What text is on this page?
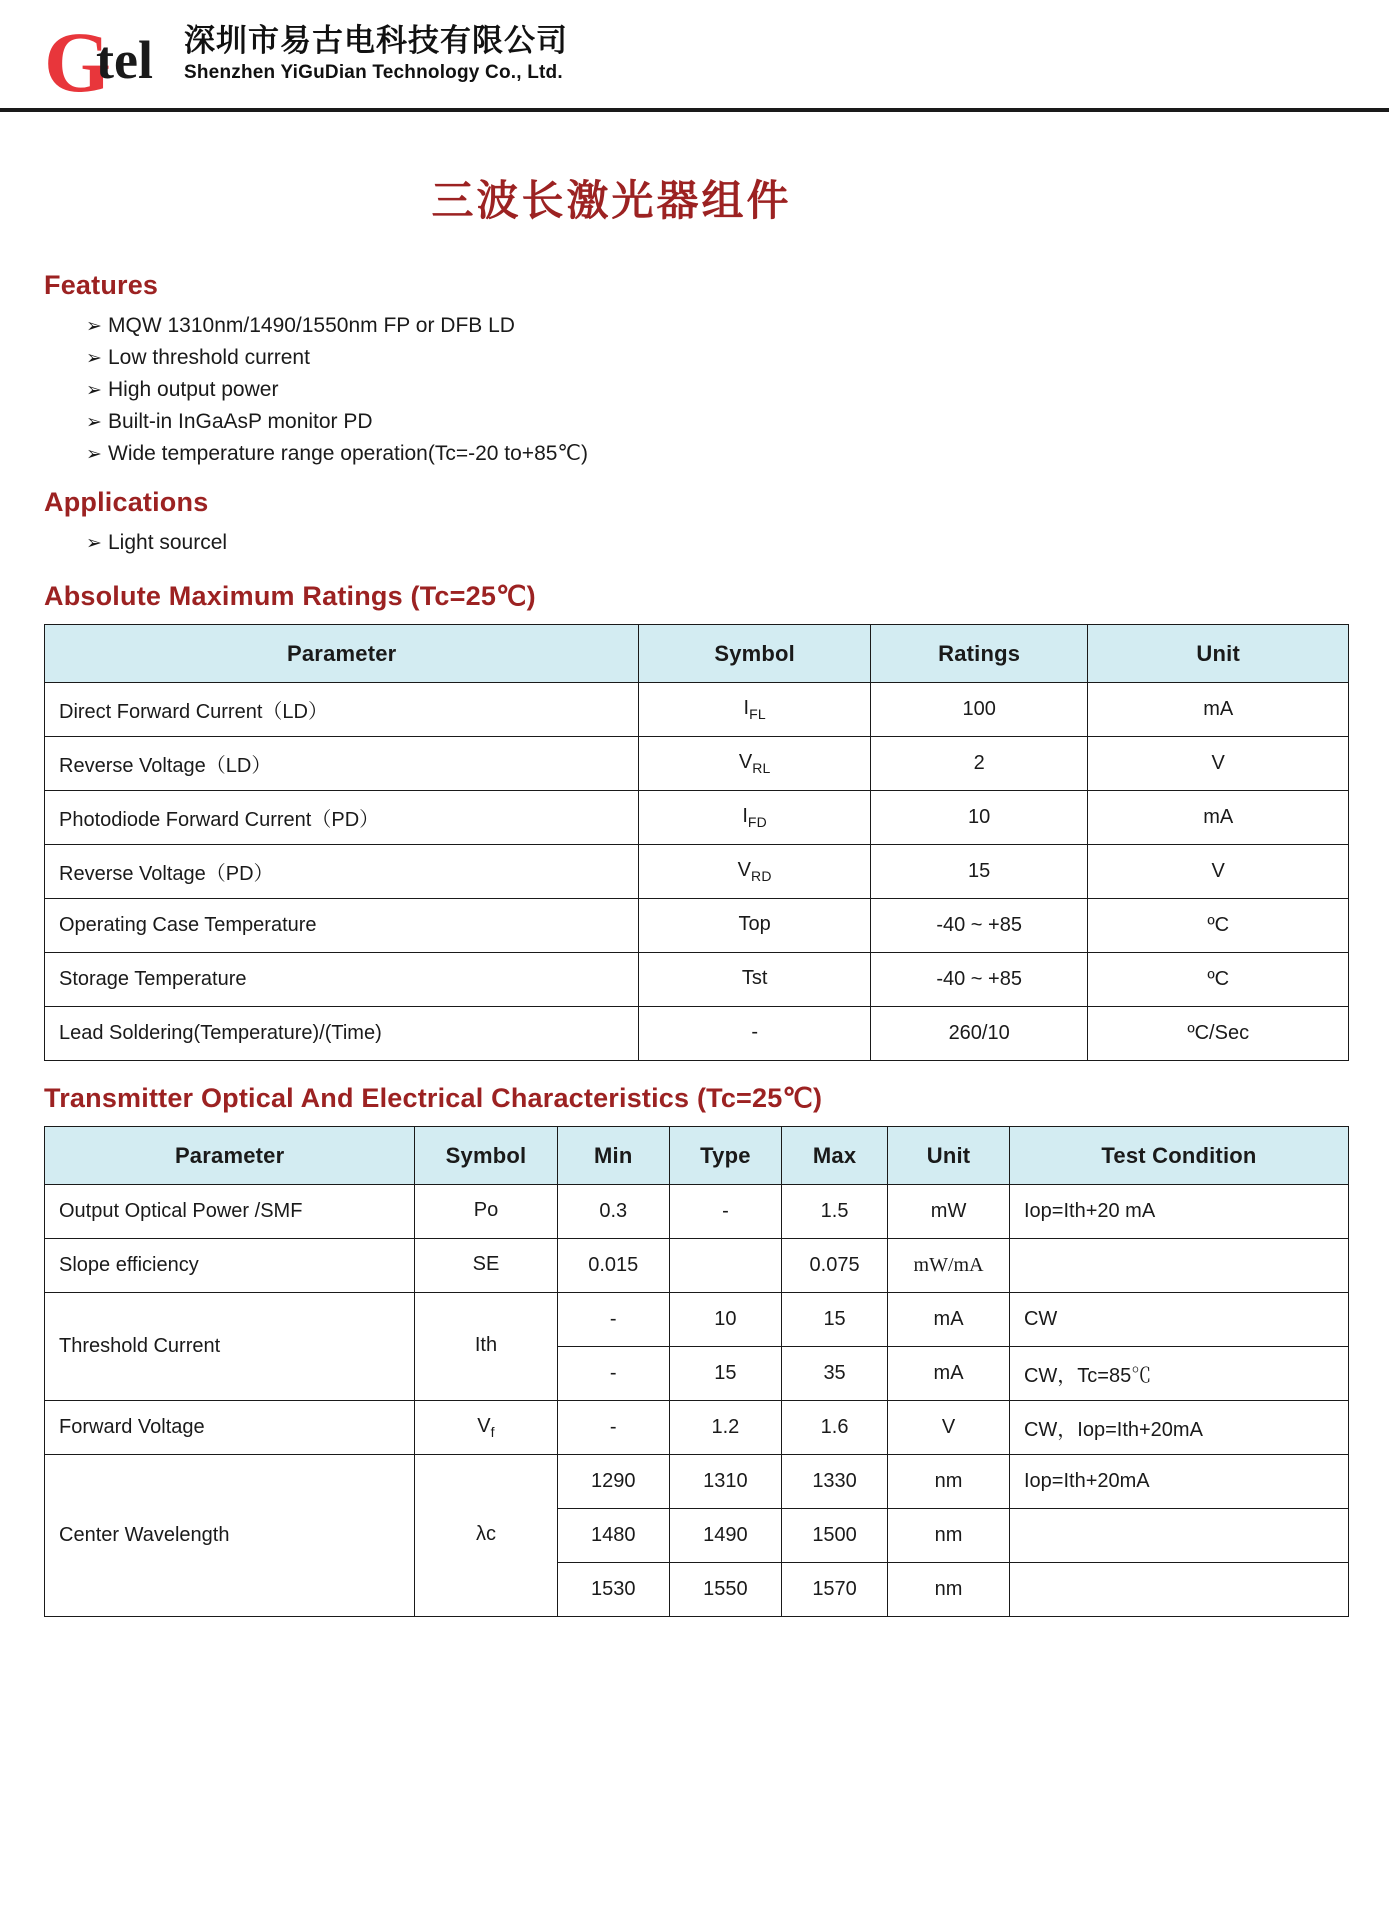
G
tel 深圳市易古电科技有限公司
Shenzhen YiGuDian Technology Co., Ltd.
三波长激光器组件
Features
➢ MQW 1310nm/1490/1550nm FP or DFB LD
➢ Low threshold current
➢ High output power
➢ Built-in InGaAsP monitor PD
➢ Wide temperature range operation(Tc=-20 to+85℃)
Applications
➢ Light sourcel
Absolute Maximum Ratings (Tc=25℃)
Parameter	Symbol	Ratings	Unit
Direct Forward Current（LD）	$I_{FL}$	100	mA
Reverse Voltage（LD）	$V_{RL}$	2	V
Photodiode Forward Current（PD）	$I_{FD}$	10	mA
Reverse Voltage（PD）	$V_{RD}$	15	V
Operating Case Temperature	Top	-40 ~ +85	ºC
Storage Temperature	Tst	-40 ~ +85	ºC
Lead Soldering(Temperature)/(Time)	-	260/10	ºC/Sec
Transmitter Optical And Electrical Characteristics (Tc=25℃)
Parameter	Symbol	Min	Type	Max	Unit	Test Condition
Output Optical Power /SMF	Po	0.3	-	1.5	mW	Iop=Ith+20 mA
Slope efficiency	SE	0.015		0.075	mW/mA	
Threshold Current	Ith	-	10	15	mA	CW
		-	15	35	mA	CW，Tc=85℃
Forward Voltage	$V_f$	-	1.2	1.6	V	CW，Iop=Ith+20mA
Center Wavelength	λc	1290	1310	1330	nm	Iop=Ith+20mA
		1480	1490	1500	nm	
		1530	1550	1570	nm	
